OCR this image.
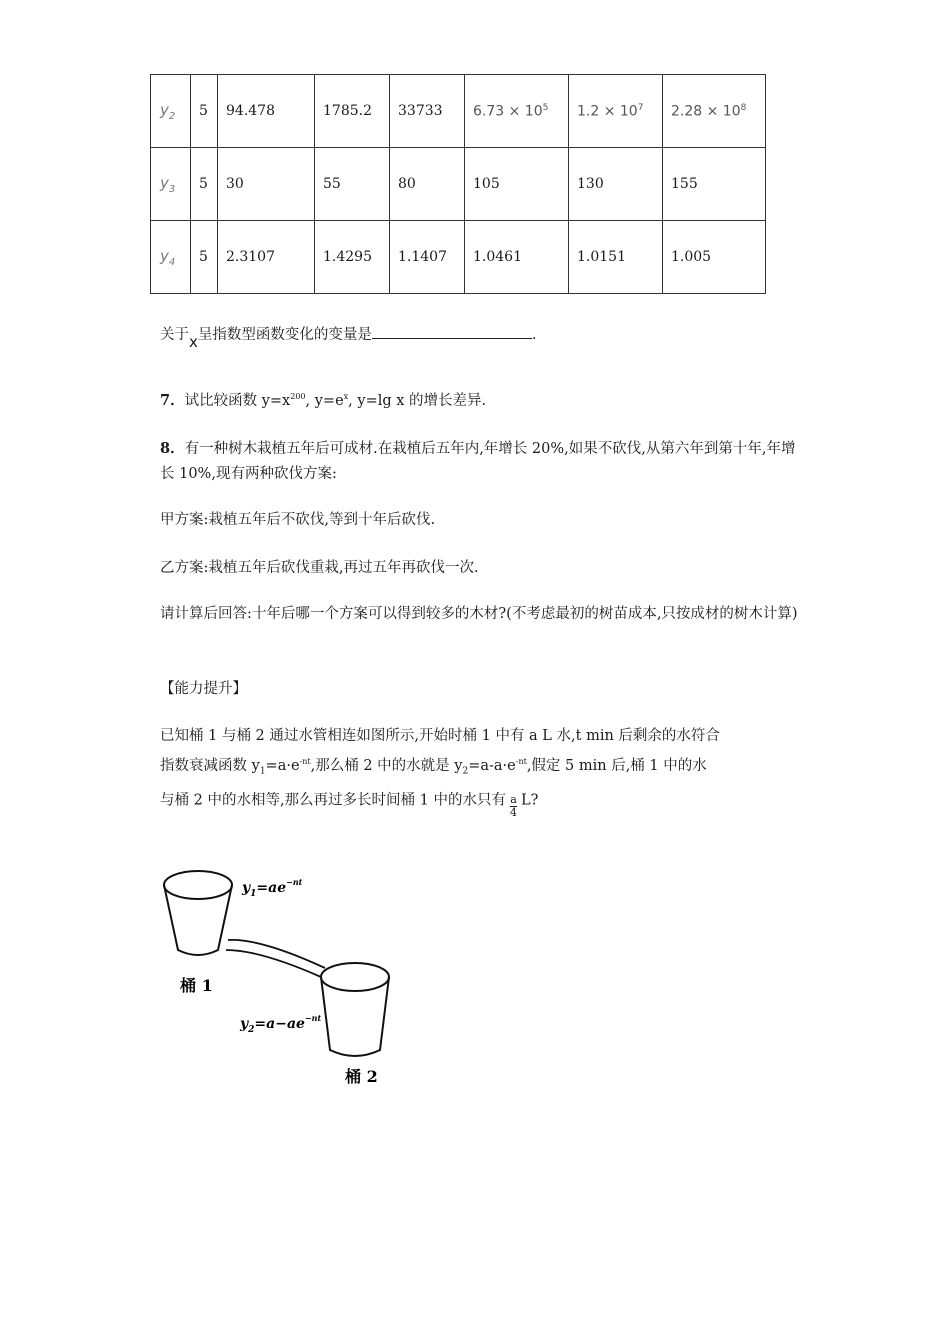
$y_2$	5	94.478	1785.2	33733	$6.73 \times 10^5$	$1.2 \times 10^7$	$2.28 \times 10^8$
$y_3$	5	30	55	80	105	130	155
$y_4$	5	2.3107	1.4295	1.1407	1.0461	1.0151	1.005
关于x呈指数型函数变化的变量是	.
7．试比较函数 $y=x^{200}$, $y=e^x$, y=lg x 的增长差异.
8．有一种树木栽植五年后可成材.在栽植后五年内,年增长 20%,如果不砍伐,从第六年到第十年,年增长 10%,现有两种砍伐方案:
甲方案:栽植五年后不砍伐,等到十年后砍伐.
乙方案:栽植五年后砍伐重栽,再过五年再砍伐一次.
请计算后回答:十年后哪一个方案可以得到较多的木材?(不考虑最初的树苗成本,只按成材的树木计算)
【能力提升】
已知桶 1 与桶 2 通过水管相连如图所示,开始时桶 1 中有 a L 水,t min 后剩余的水符合
指数衰减函数 $y_1=a\cdot e^{-nt}$,那么桶 2 中的水就是 $y_2=a-a\cdot e^{-nt}$,假定 5 min 后,桶 1 中的水
与桶 2 中的水相等,那么再过多长时间桶 1 中的水只有 $\frac{a}{4} L$?
$y_1=ae^{-nt}$
桶 1
$y_2=a-ae^{-nt}$
桶 2
